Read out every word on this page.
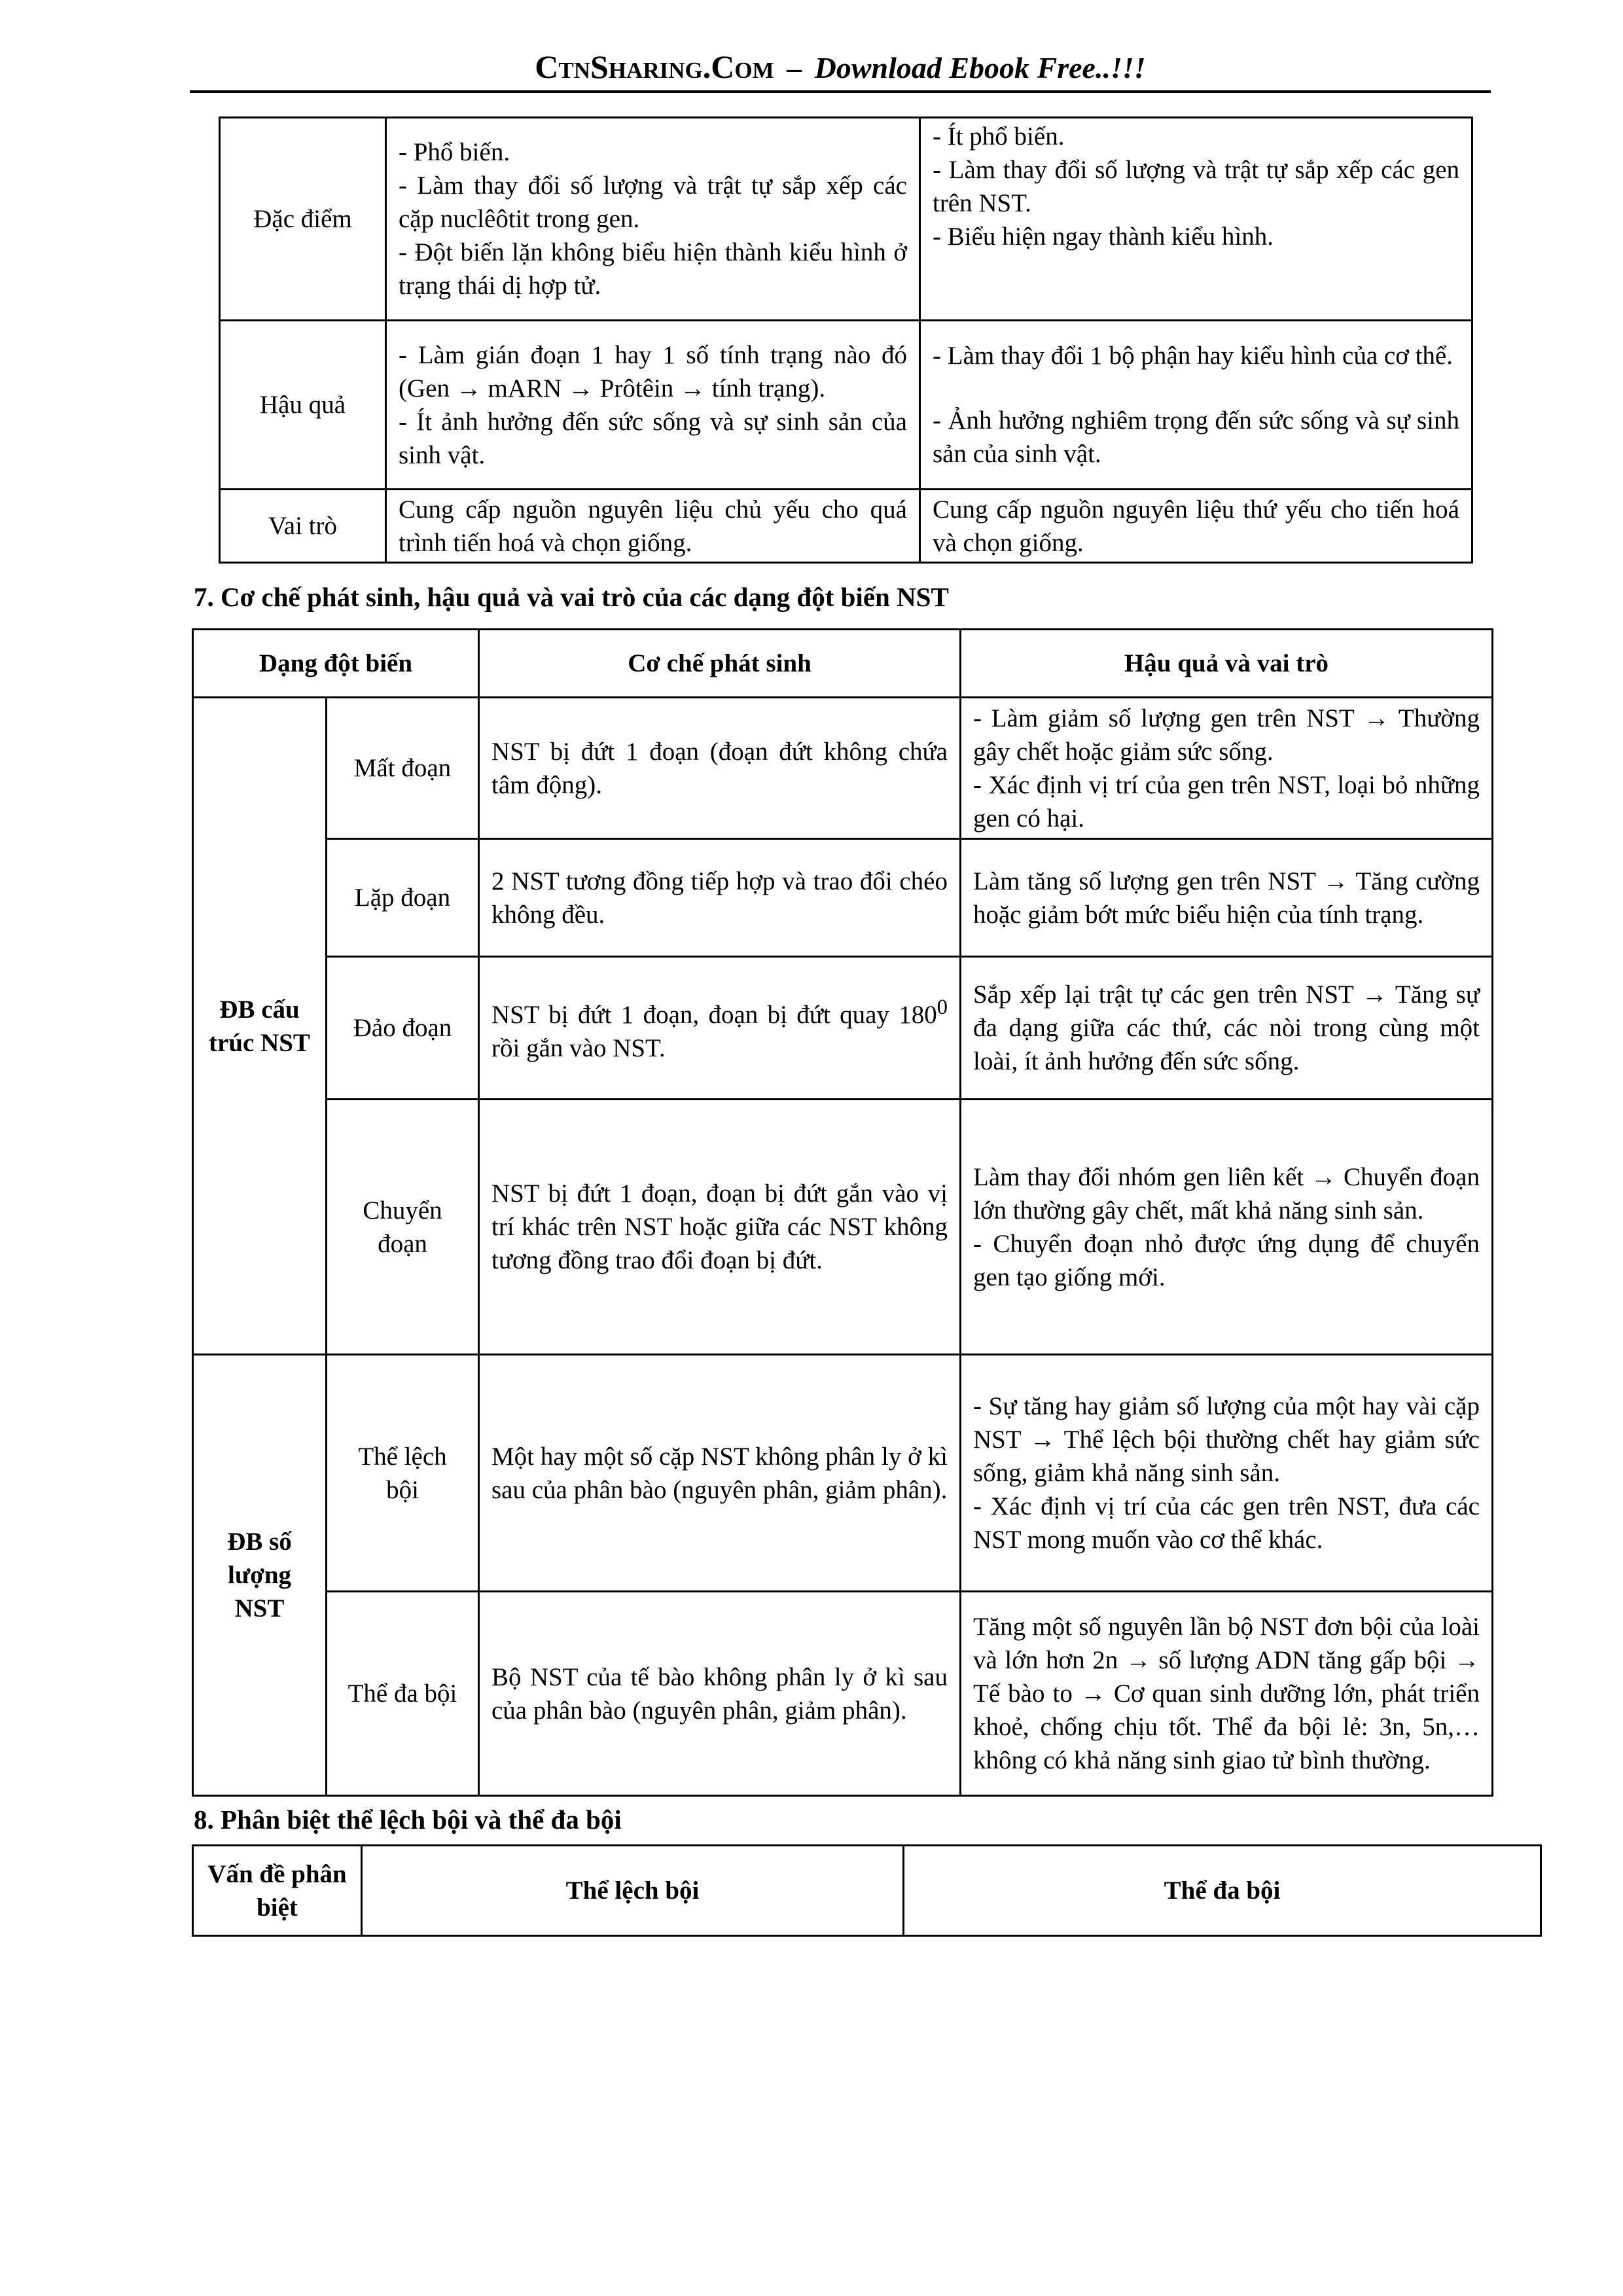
CtnSharing.Com – Download Ebook Free..!!!
Đặc điểm	- Phổ biến.
- Làm thay đổi số lượng và trật tự sắp xếp các cặp nuclêôtit trong gen.
- Đột biến lặn không biểu hiện thành kiểu hình ở trạng thái dị hợp tử.	- Ít phổ biến.
- Làm thay đổi số lượng và trật tự sắp xếp các gen trên NST.
- Biểu hiện ngay thành kiểu hình.

Hậu quả	- Làm gián đoạn 1 hay 1 số tính trạng nào đó (Gen → mARN → Prôtêin → tính trạng).
- Ít ảnh hưởng đến sức sống và sự sinh sản của sinh vật.	- Làm thay đổi 1 bộ phận hay kiểu hình của cơ thể.
- Ảnh hưởng nghiêm trọng đến sức sống và sự sinh sản của sinh vật.

Vai trò	Cung cấp nguồn nguyên liệu chủ yếu cho quá trình tiến hoá và chọn giống.	Cung cấp nguồn nguyên liệu thứ yếu cho tiến hoá và chọn giống.
7. Cơ chế phát sinh, hậu quả và vai trò của các dạng đột biến NST
Dạng đột biến		Cơ chế phát sinh	Hậu quả và vai trò
ĐB cấu trúc NST	Mất đoạn	NST bị đứt 1 đoạn (đoạn đứt không chứa tâm động).	- Làm giảm số lượng gen trên NST → Thường gây chết hoặc giảm sức sống.
- Xác định vị trí của gen trên NST, loại bỏ những gen có hại.

	Lặp đoạn	2 NST tương đồng tiếp hợp và trao đổi chéo không đều.	Làm tăng số lượng gen trên NST → Tăng cường hoặc giảm bớt mức biểu hiện của tính trạng.

	Đảo đoạn	NST bị đứt 1 đoạn, đoạn bị đứt quay $180^0$ rồi gắn vào NST.	Sắp xếp lại trật tự các gen trên NST → Tăng sự đa dạng giữa các thứ, các nòi trong cùng một loài, ít ảnh hưởng đến sức sống.

	Chuyển đoạn	NST bị đứt 1 đoạn, đoạn bị đứt gắn vào vị trí khác trên NST hoặc giữa các NST không tương đồng trao đổi đoạn bị đứt.	Làm thay đổi nhóm gen liên kết → Chuyển đoạn lớn thường gây chết, mất khả năng sinh sản.
- Chuyển đoạn nhỏ được ứng dụng để chuyển gen tạo giống mới.

ĐB số lượng NST	Thể lệch bội	Một hay một số cặp NST không phân ly ở kì sau của phân bào (nguyên phân, giảm phân).	- Sự tăng hay giảm số lượng của một hay vài cặp NST → Thể lệch bội thường chết hay giảm sức sống, giảm khả năng sinh sản.
- Xác định vị trí của các gen trên NST, đưa các NST mong muốn vào cơ thể khác.

	Thể đa bội	Bộ NST của tế bào không phân ly ở kì sau của phân bào (nguyên phân, giảm phân).	Tăng một số nguyên lần bộ NST đơn bội của loài và lớn hơn 2n → số lượng ADN tăng gấp bội → Tế bào to → Cơ quan sinh dưỡng lớn, phát triển khoẻ, chống chịu tốt. Thể đa bội lẻ: 3n, 5n,…không có khả năng sinh giao tử bình thường.
8. Phân biệt thể lệch bội và thể đa bội
Vấn đề phân biệt	Thể lệch bội	Thể đa bội
